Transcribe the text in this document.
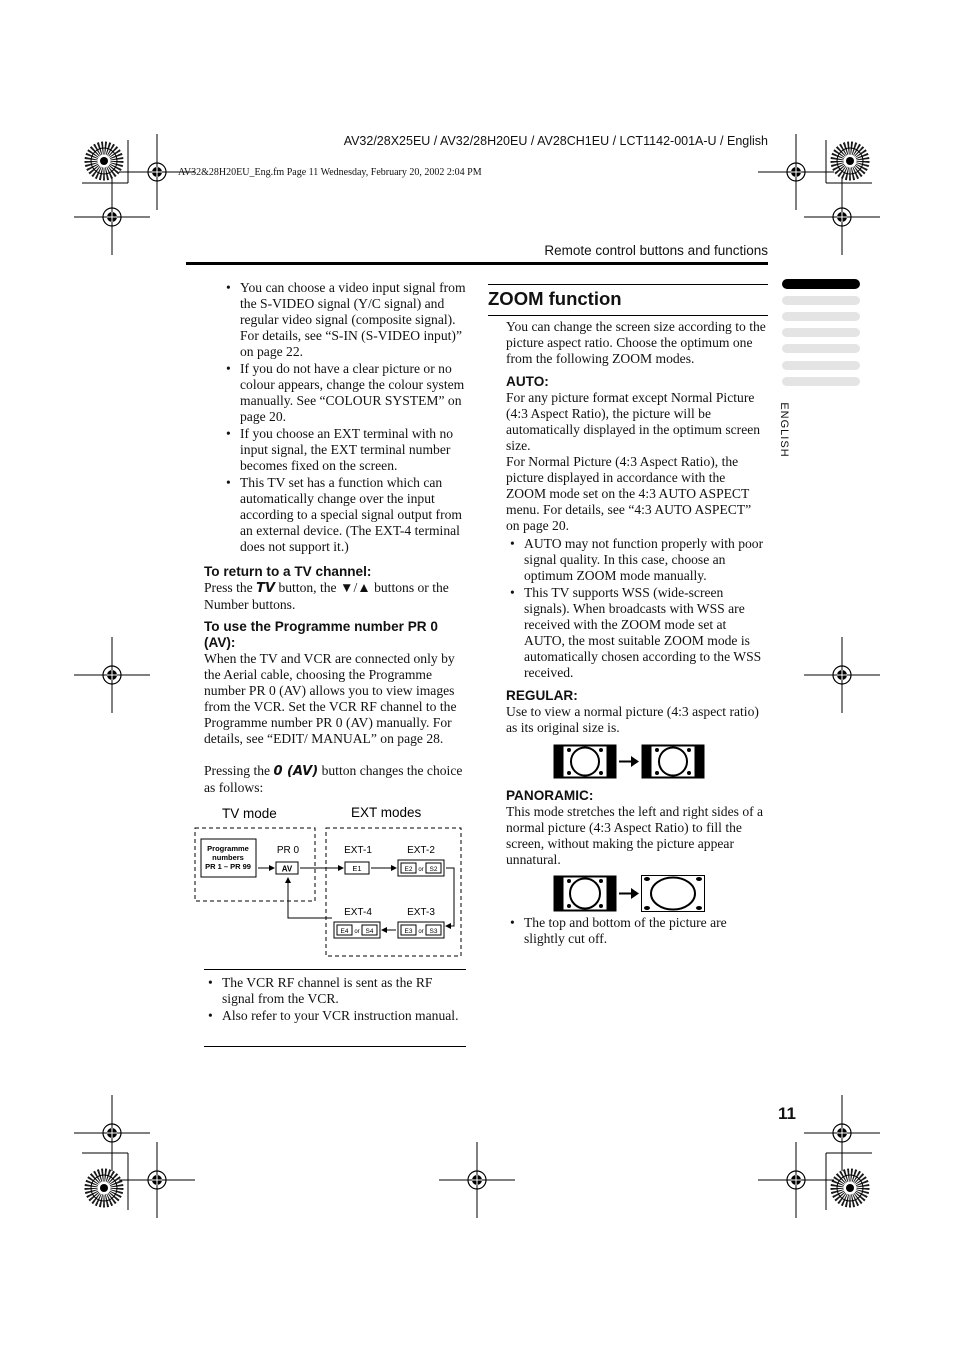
AV32/28X25EU / AV32/28H20EU / AV28CH1EU / LCT1142-001A-U / English
AV32&28H20EU_Eng.fm Page 11 Wednesday, February 20, 2002 2:04 PM
Remote control buttons and functions
ENGLISH
• You can choose a video input signal from the S-VIDEO signal (Y/C signal) and regular video signal (composite signal). For details, see “S-IN (S-VIDEO input)” on page 22.
• If you do not have a clear picture or no colour appears, change the colour system manually. See “COLOUR SYSTEM” on page 20.
• If you choose an EXT terminal with no input signal, the EXT terminal number becomes fixed on the screen.
• This TV set has a function which can automatically change over the input according to a special signal output from an external device. (The EXT-4 terminal does not support it.)
To return to a TV channel:
Press the TV button, the ▼/▲ buttons or the Number buttons.
To use the Programme number PR 0 (AV):
When the TV and VCR are connected only by the Aerial cable, choosing the Programme number PR 0 (AV) allows you to view images from the VCR. Set the VCR RF channel to the Programme number PR 0 (AV) manually. For details, see “EDIT/ MANUAL” on page 28.
Pressing the 0 (AV) button changes the choice as follows:
TV mode	EXT modes
Programme
numbers
PR 1 – PR 99
PR 0
AV
EXT-1
E1
EXT-2
E2 or S2
EXT-4
E4 or S4
EXT-3
E3 or S3
• The VCR RF channel is sent as the RF signal from the VCR.
• Also refer to your VCR instruction manual.
ZOOM function
You can change the screen size according to the picture aspect ratio. Choose the optimum one from the following ZOOM modes.
AUTO:
For any picture format except Normal Picture (4:3 Aspect Ratio), the picture will be automatically displayed in the optimum screen size.
For Normal Picture (4:3 Aspect Ratio), the picture displayed in accordance with the ZOOM mode set on the 4:3 AUTO ASPECT menu. For details, see “4:3 AUTO ASPECT” on page 20.
• AUTO may not function properly with poor signal quality. In this case, choose an optimum ZOOM mode manually.
• This TV supports WSS (wide-screen signals). When broadcasts with WSS are received with the ZOOM mode set at AUTO, the most suitable ZOOM mode is automatically chosen according to the WSS received.
REGULAR:
Use to view a normal picture (4:3 aspect ratio) as its original size is.
PANORAMIC:
This mode stretches the left and right sides of a normal picture (4:3 Aspect Ratio) to fill the screen, without making the picture appear unnatural.
• The top and bottom of the picture are slightly cut off.
11
